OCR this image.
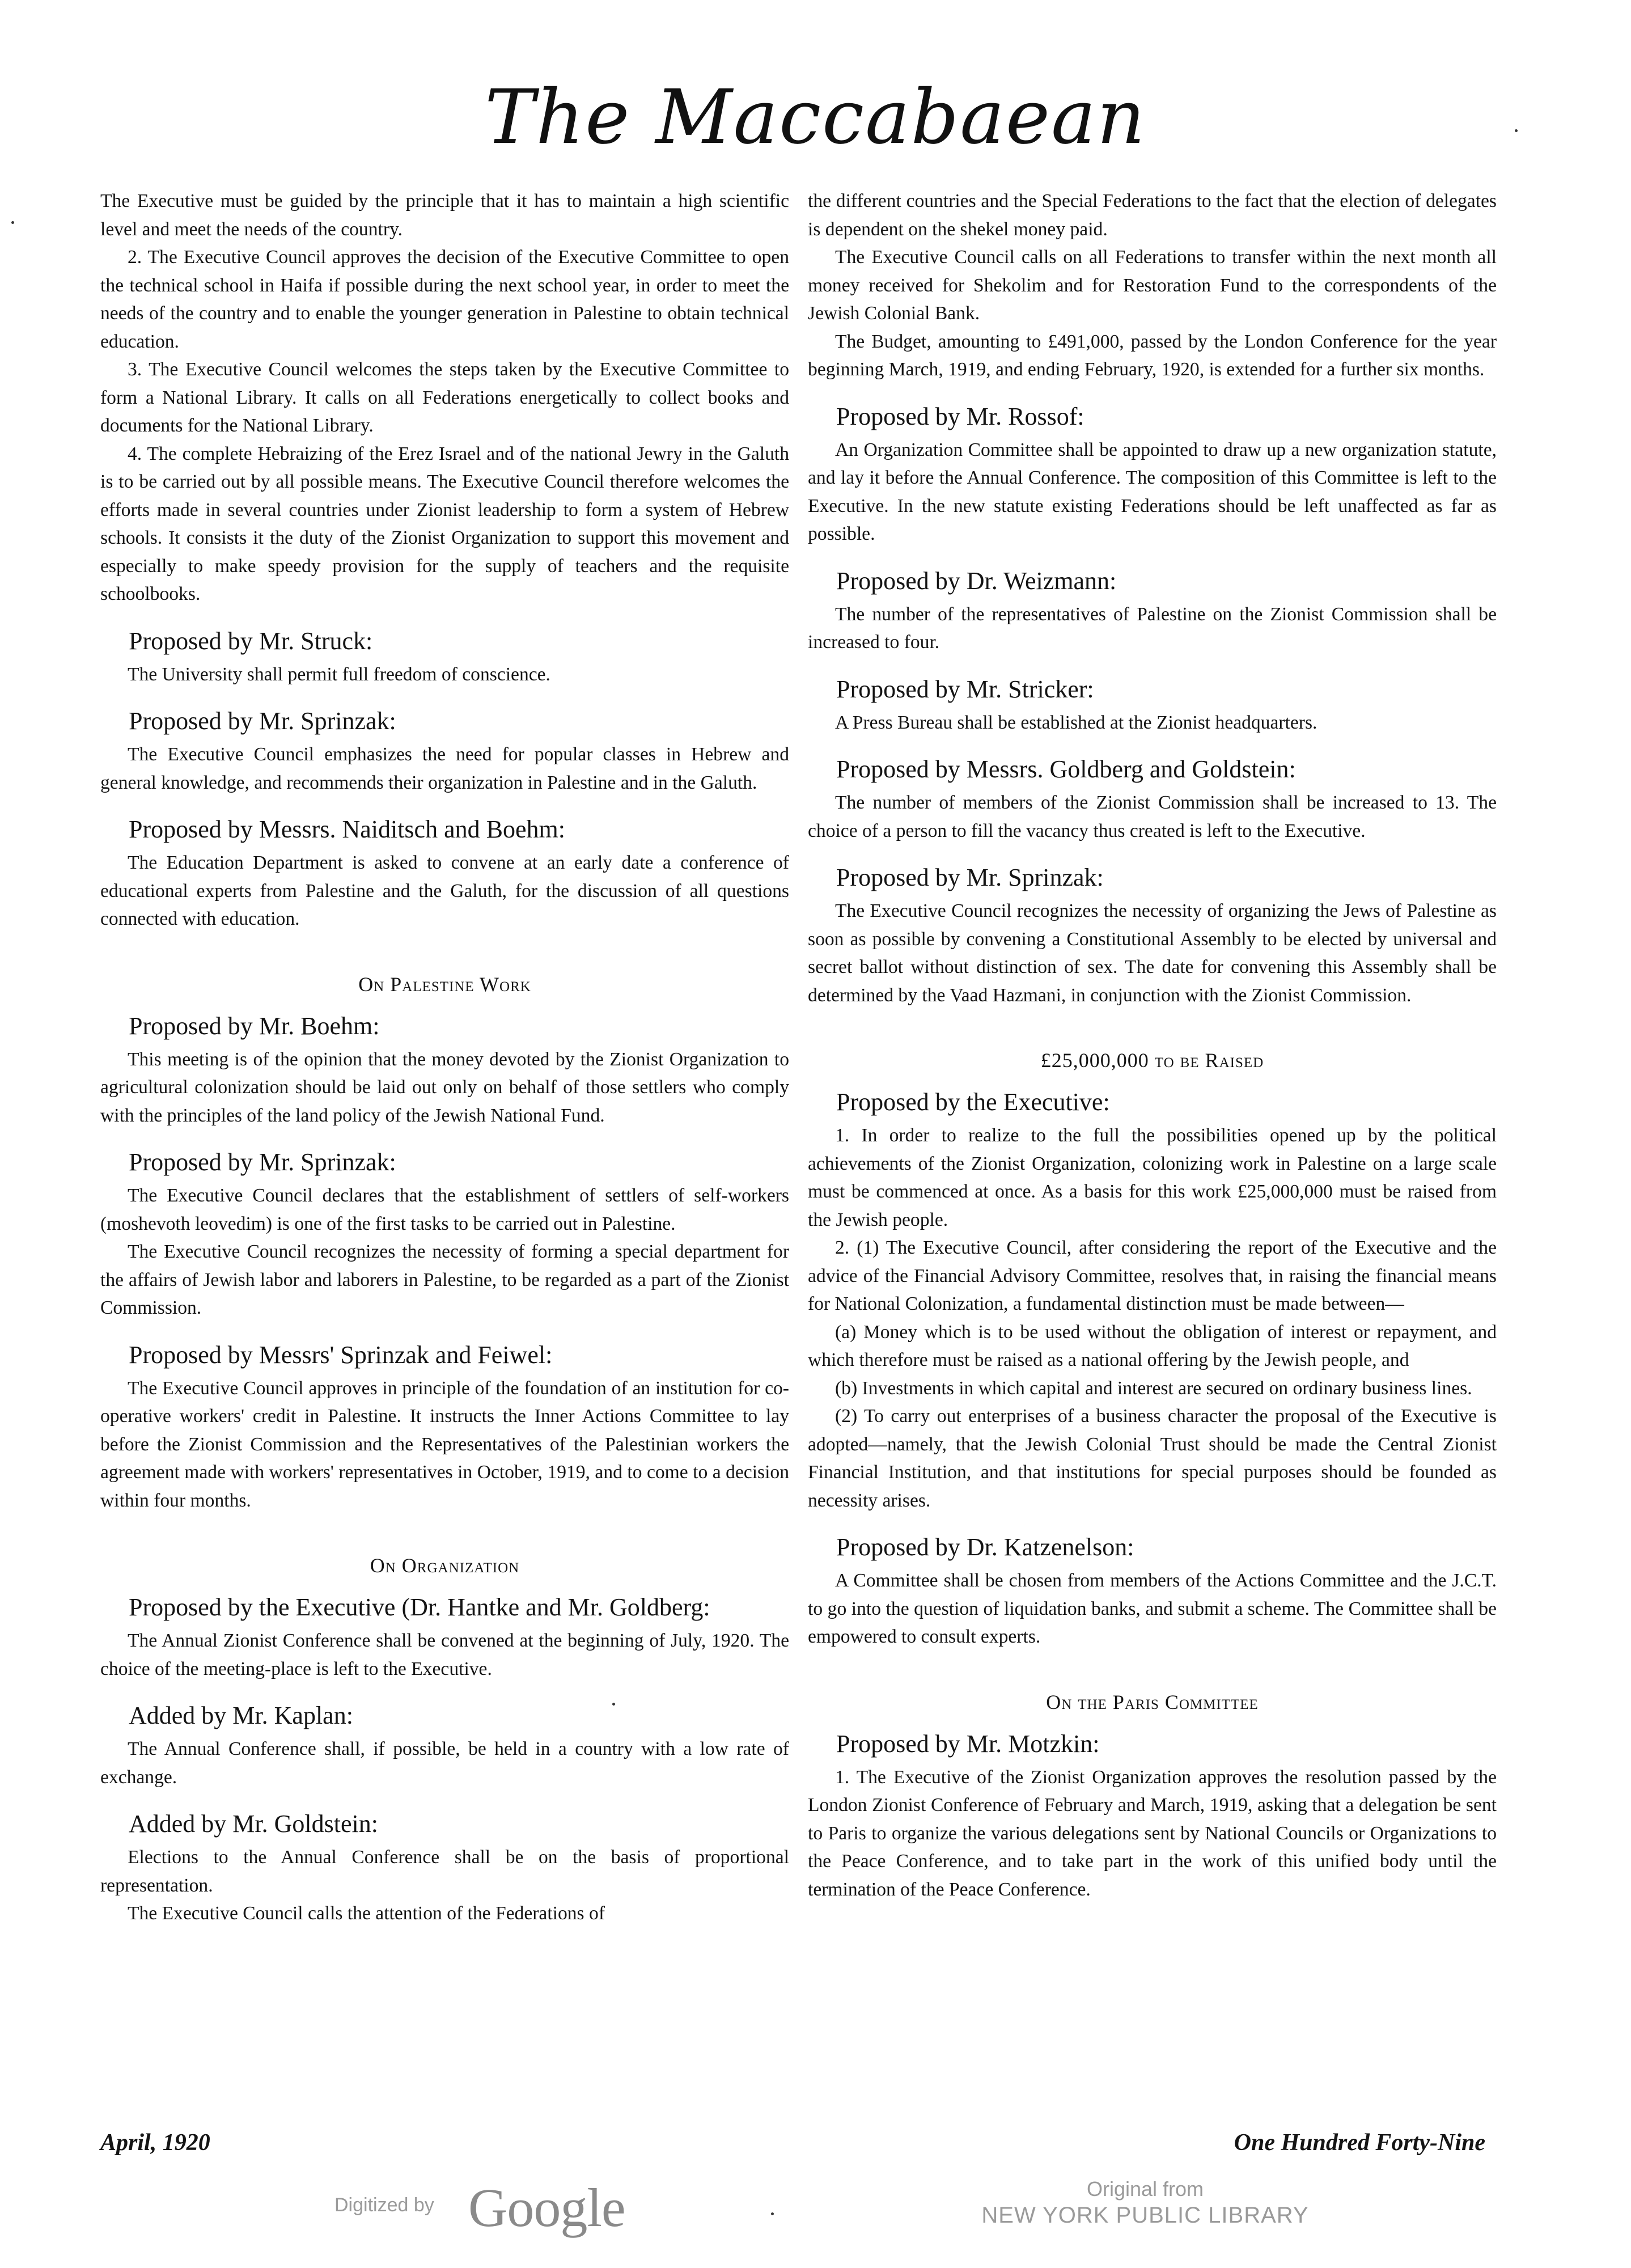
The Maccabaean

The Executive must be guided by the principle that it has to maintain a high scientific level and meet the needs of the country.

2. The Executive Council approves the decision of the Executive Committee to open the technical school in Haifa if possible during the next school year, in order to meet the needs of the country and to enable the younger generation in Palestine to obtain technical education.

3. The Executive Council welcomes the steps taken by the Executive Committee to form a National Library. It calls on all Federations energetically to collect books and documents for the National Library.

4. The complete Hebraizing of the Erez Israel and of the national Jewry in the Galuth is to be carried out by all possible means. The Executive Council therefore welcomes the efforts made in several countries under Zionist leadership to form a system of Hebrew schools. It consists it the duty of the Zionist Organization to support this movement and especially to make speedy provision for the supply of teachers and the requisite schoolbooks.

Proposed by Mr. Struck:

The University shall permit full freedom of conscience.

Proposed by Mr. Sprinzak:

The Executive Council emphasizes the need for popular classes in Hebrew and general knowledge, and recommends their organization in Palestine and in the Galuth.

Proposed by Messrs. Naiditsch and Boehm:

The Education Department is asked to convene at an early date a conference of educational experts from Palestine and the Galuth, for the discussion of all questions connected with education.

On Palestine Work
Proposed by Mr. Boehm:

This meeting is of the opinion that the money devoted by the Zionist Organization to agricultural colonization should be laid out only on behalf of those settlers who comply with the principles of the land policy of the Jewish National Fund.

Proposed by Mr. Sprinzak:

The Executive Council declares that the establishment of settlers of self-workers (moshevoth leovedim) is one of the first tasks to be carried out in Palestine.

The Executive Council recognizes the necessity of forming a special department for the affairs of Jewish labor and laborers in Palestine, to be regarded as a part of the Zionist Commission.

Proposed by Messrs' Sprinzak and Feiwel:

The Executive Council approves in principle of the foundation of an institution for co-operative workers' credit in Palestine. It instructs the Inner Actions Committee to lay before the Zionist Commission and the Representatives of the Palestinian workers the agreement made with workers' representatives in October, 1919, and to come to a decision within four months.

On Organization
Proposed by the Executive (Dr. Hantke and Mr. Goldberg:

The Annual Zionist Conference shall be convened at the beginning of July, 1920. The choice of the meeting-place is left to the Executive.

Added by Mr. Kaplan:

The Annual Conference shall, if possible, be held in a country with a low rate of exchange.

Added by Mr. Goldstein:

Elections to the Annual Conference shall be on the basis of proportional representation.

The Executive Council calls the attention of the Federations of

the different countries and the Special Federations to the fact that the election of delegates is dependent on the shekel money paid.

The Executive Council calls on all Federations to transfer within the next month all money received for Shekolim and for Restoration Fund to the correspondents of the Jewish Colonial Bank.

The Budget, amounting to £491,000, passed by the London Conference for the year beginning March, 1919, and ending February, 1920, is extended for a further six months.

Proposed by Mr. Rossof:

An Organization Committee shall be appointed to draw up a new organization statute, and lay it before the Annual Conference. The composition of this Committee is left to the Executive. In the new statute existing Federations should be left unaffected as far as possible.

Proposed by Dr. Weizmann:

The number of the representatives of Palestine on the Zionist Commission shall be increased to four.

Proposed by Mr. Stricker:

A Press Bureau shall be established at the Zionist headquarters.

Proposed by Messrs. Goldberg and Goldstein:

The number of members of the Zionist Commission shall be increased to 13. The choice of a person to fill the vacancy thus created is left to the Executive.

Proposed by Mr. Sprinzak:

The Executive Council recognizes the necessity of organizing the Jews of Palestine as soon as possible by convening a Constitutional Assembly to be elected by universal and secret ballot without distinction of sex. The date for convening this Assembly shall be determined by the Vaad Hazmani, in conjunction with the Zionist Commission.

£25,000,000 to be Raised
Proposed by the Executive:

1. In order to realize to the full the possibilities opened up by the political achievements of the Zionist Organization, colonizing work in Palestine on a large scale must be commenced at once. As a basis for this work £25,000,000 must be raised from the Jewish people.

2. (1) The Executive Council, after considering the report of the Executive and the advice of the Financial Advisory Committee, resolves that, in raising the financial means for National Colonization, a fundamental distinction must be made between—

(a) Money which is to be used without the obligation of interest or repayment, and which therefore must be raised as a national offering by the Jewish people, and

(b) Investments in which capital and interest are secured on ordinary business lines.

(2) To carry out enterprises of a business character the proposal of the Executive is adopted—namely, that the Jewish Colonial Trust should be made the Central Zionist Financial Institution, and that institutions for special purposes should be founded as necessity arises.

Proposed by Dr. Katzenelson:

A Committee shall be chosen from members of the Actions Committee and the J.C.T. to go into the question of liquidation banks, and submit a scheme. The Committee shall be empowered to consult experts.

On the Paris Committee
Proposed by Mr. Motzkin:

1. The Executive of the Zionist Organization approves the resolution passed by the London Zionist Conference of February and March, 1919, asking that a delegation be sent to Paris to organize the various delegations sent by National Councils or Organizations to the Peace Conference, and to take part in the work of this unified body until the termination of the Peace Conference.

April, 1920	One Hundred Forty-Nine
Digitized by Google	Original from
NEW YORK PUBLIC LIBRARY
